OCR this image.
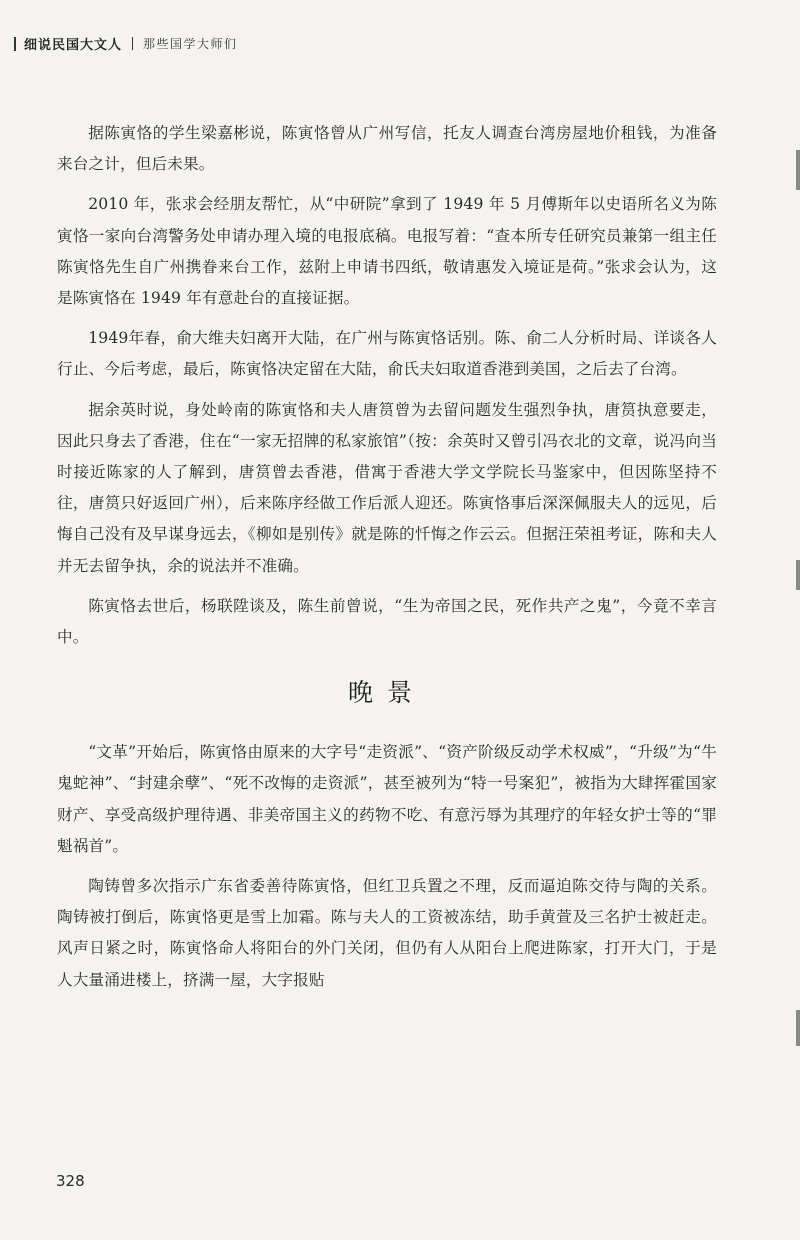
细说民国大文人 那些国学大师们

据陈寅恪的学生梁嘉彬说，陈寅恪曾从广州写信，托友人调查台湾房屋地价租钱，为准备来台之计，但后未果。

2010 年，张求会经朋友帮忙，从“中研院”拿到了 1949 年 5 月傅斯年以史语所名义为陈寅恪一家向台湾警务处申请办理入境的电报底稿。电报写着：“查本所专任研究员兼第一组主任陈寅恪先生自广州携眷来台工作，兹附上申请书四纸，敬请惠发入境证是荷。”张求会认为，这是陈寅恪在 1949 年有意赴台的直接证据。

1949年春，俞大维夫妇离开大陆，在广州与陈寅恪话别。陈、俞二人分析时局、详谈各人行止、今后考虑，最后，陈寅恪决定留在大陆，俞氏夫妇取道香港到美国，之后去了台湾。

据余英时说，身处岭南的陈寅恪和夫人唐筼曾为去留问题发生强烈争执，唐筼执意要走，因此只身去了香港，住在“一家无招牌的私家旅馆”（按：余英时又曾引冯衣北的文章，说冯向当时接近陈家的人了解到，唐筼曾去香港，借寓于香港大学文学院长马鉴家中，但因陈坚持不往，唐筼只好返回广州），后来陈序经做工作后派人迎还。陈寅恪事后深深佩服夫人的远见，后悔自己没有及早谋身远去，《柳如是别传》就是陈的忏悔之作云云。但据汪荣祖考证，陈和夫人并无去留争执，余的说法并不准确。

陈寅恪去世后，杨联陞谈及，陈生前曾说，“生为帝国之民，死作共产之鬼”，今竟不幸言中。

晚景

“文革”开始后，陈寅恪由原来的大字号“走资派”、“资产阶级反动学术权威”，“升级”为“牛鬼蛇神”、“封建余孽”、“死不改悔的走资派”，甚至被列为“特一号案犯”，被指为大肆挥霍国家财产、享受高级护理待遇、非美帝国主义的药物不吃、有意污辱为其理疗的年轻女护士等的“罪魁祸首”。

陶铸曾多次指示广东省委善待陈寅恪，但红卫兵置之不理，反而逼迫陈交待与陶的关系。陶铸被打倒后，陈寅恪更是雪上加霜。陈与夫人的工资被冻结，助手黄萱及三名护士被赶走。风声日紧之时，陈寅恪命人将阳台的外门关闭，但仍有人从阳台上爬进陈家，打开大门，于是人大量涌进楼上，挤满一屋，大字报贴

328
